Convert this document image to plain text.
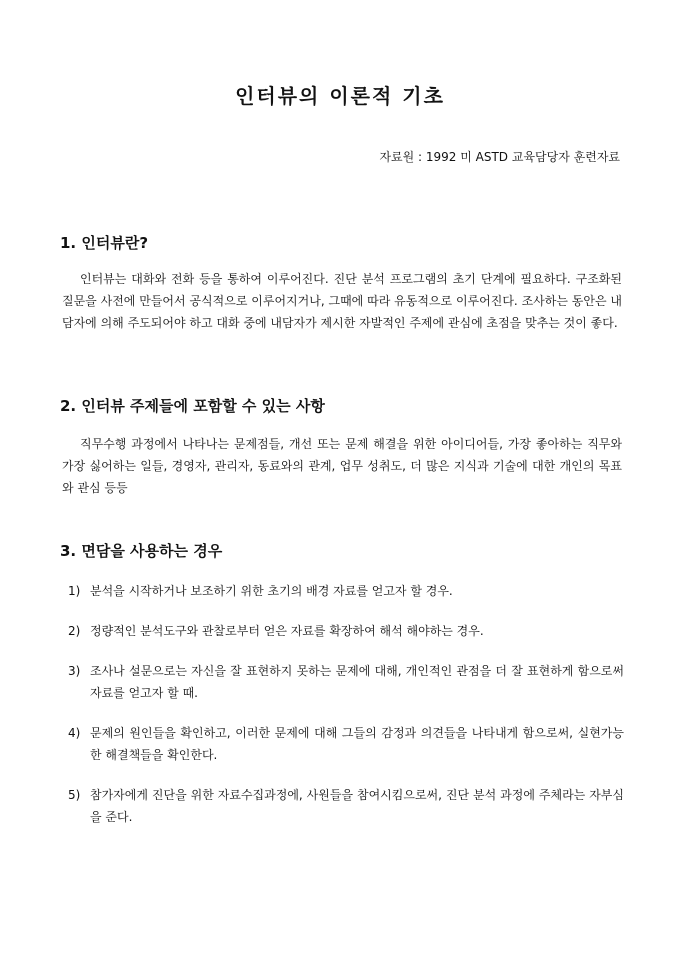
인터뷰의 이론적 기초
자료원 : 1992 미 ASTD 교육담당자 훈련자료
1. 인터뷰란?
인터뷰는 대화와 전화 등을 통하여 이루어진다. 진단 분석 프로그램의 초기 단계에 필요하다. 구조화된 질문을 사전에 만들어서 공식적으로 이루어지거나, 그때에 따라 유동적으로 이루어진다. 조사하는 동안은 내담자에 의해 주도되어야 하고 대화 중에 내담자가 제시한 자발적인 주제에 관심에 초점을 맞추는 것이 좋다.
2. 인터뷰 주제들에 포함할 수 있는 사항
직무수행 과정에서 나타나는 문제점들, 개선 또는 문제 해결을 위한 아이디어들, 가장 좋아하는 직무와 가장 싫어하는 일들, 경영자, 관리자, 동료와의 관계, 업무 성취도, 더 많은 지식과 기술에 대한 개인의 목표와 관심 등등
3. 면담을 사용하는 경우
1) 분석을 시작하거나 보조하기 위한 초기의 배경 자료를 얻고자 할 경우.
2) 정량적인 분석도구와 관찰로부터 얻은 자료를 확장하여 해석 해야하는 경우.
3) 조사나 설문으로는 자신을 잘 표현하지 못하는 문제에 대해, 개인적인 관점을 더 잘 표현하게 함으로써 자료를 얻고자 할 때.
4) 문제의 원인들을 확인하고, 이러한 문제에 대해 그들의 감정과 의견들을 나타내게 함으로써, 실현가능한 해결책들을 확인한다.
5) 참가자에게 진단을 위한 자료수집과정에, 사원들을 참여시킴으로써, 진단 분석 과정에 주체라는 자부심을 준다.
